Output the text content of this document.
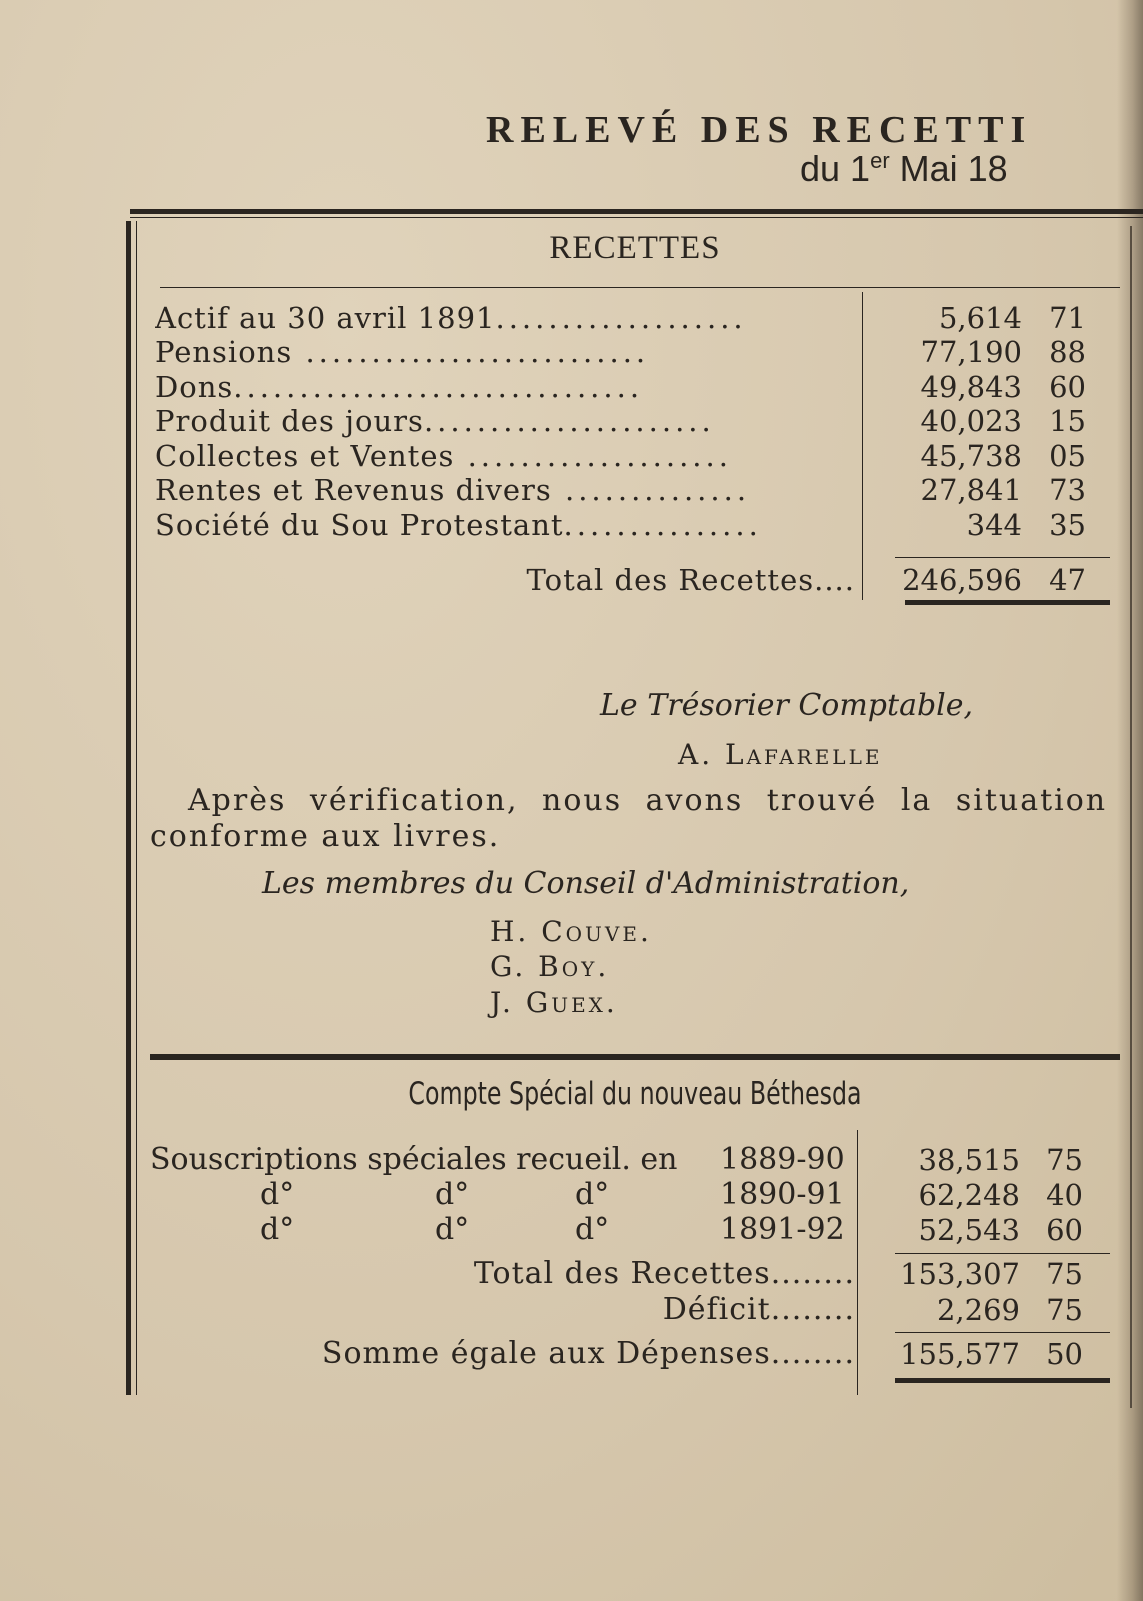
RELEVÉ DES RECETTI
du 1er Mai 18
RECETTES
Actif au 30 avril 1891...................	5,614 71
Pensions ..........................	77,190 88
Dons...............................	49,843 60
Produit des jours......................	40,023 15
Collectes et Ventes ....................	45,738 05
Rentes et Revenus divers ..............	27,841 73
Société du Sou Protestant...............	344 35
Total des Recettes....	246,596 47
Le Trésorier Comptable,
A. Lafarelle
Après vérification, nous avons trouvé la situation
conforme aux livres.
Les membres du Conseil d'Administration,
H. Couve.
G. Boy.
J. Guex.
Compte Spécial du nouveau Béthesda
Souscriptions spéciales recueil. en 1889-90	38,515 75
d°	d°	d°	1890-91	62,248 40
d°	d°	d°	1891-92	52,543 60
Total des Recettes........	153,307 75
Déficit........	2,269 75
Somme égale aux Dépenses........	155,577 50
